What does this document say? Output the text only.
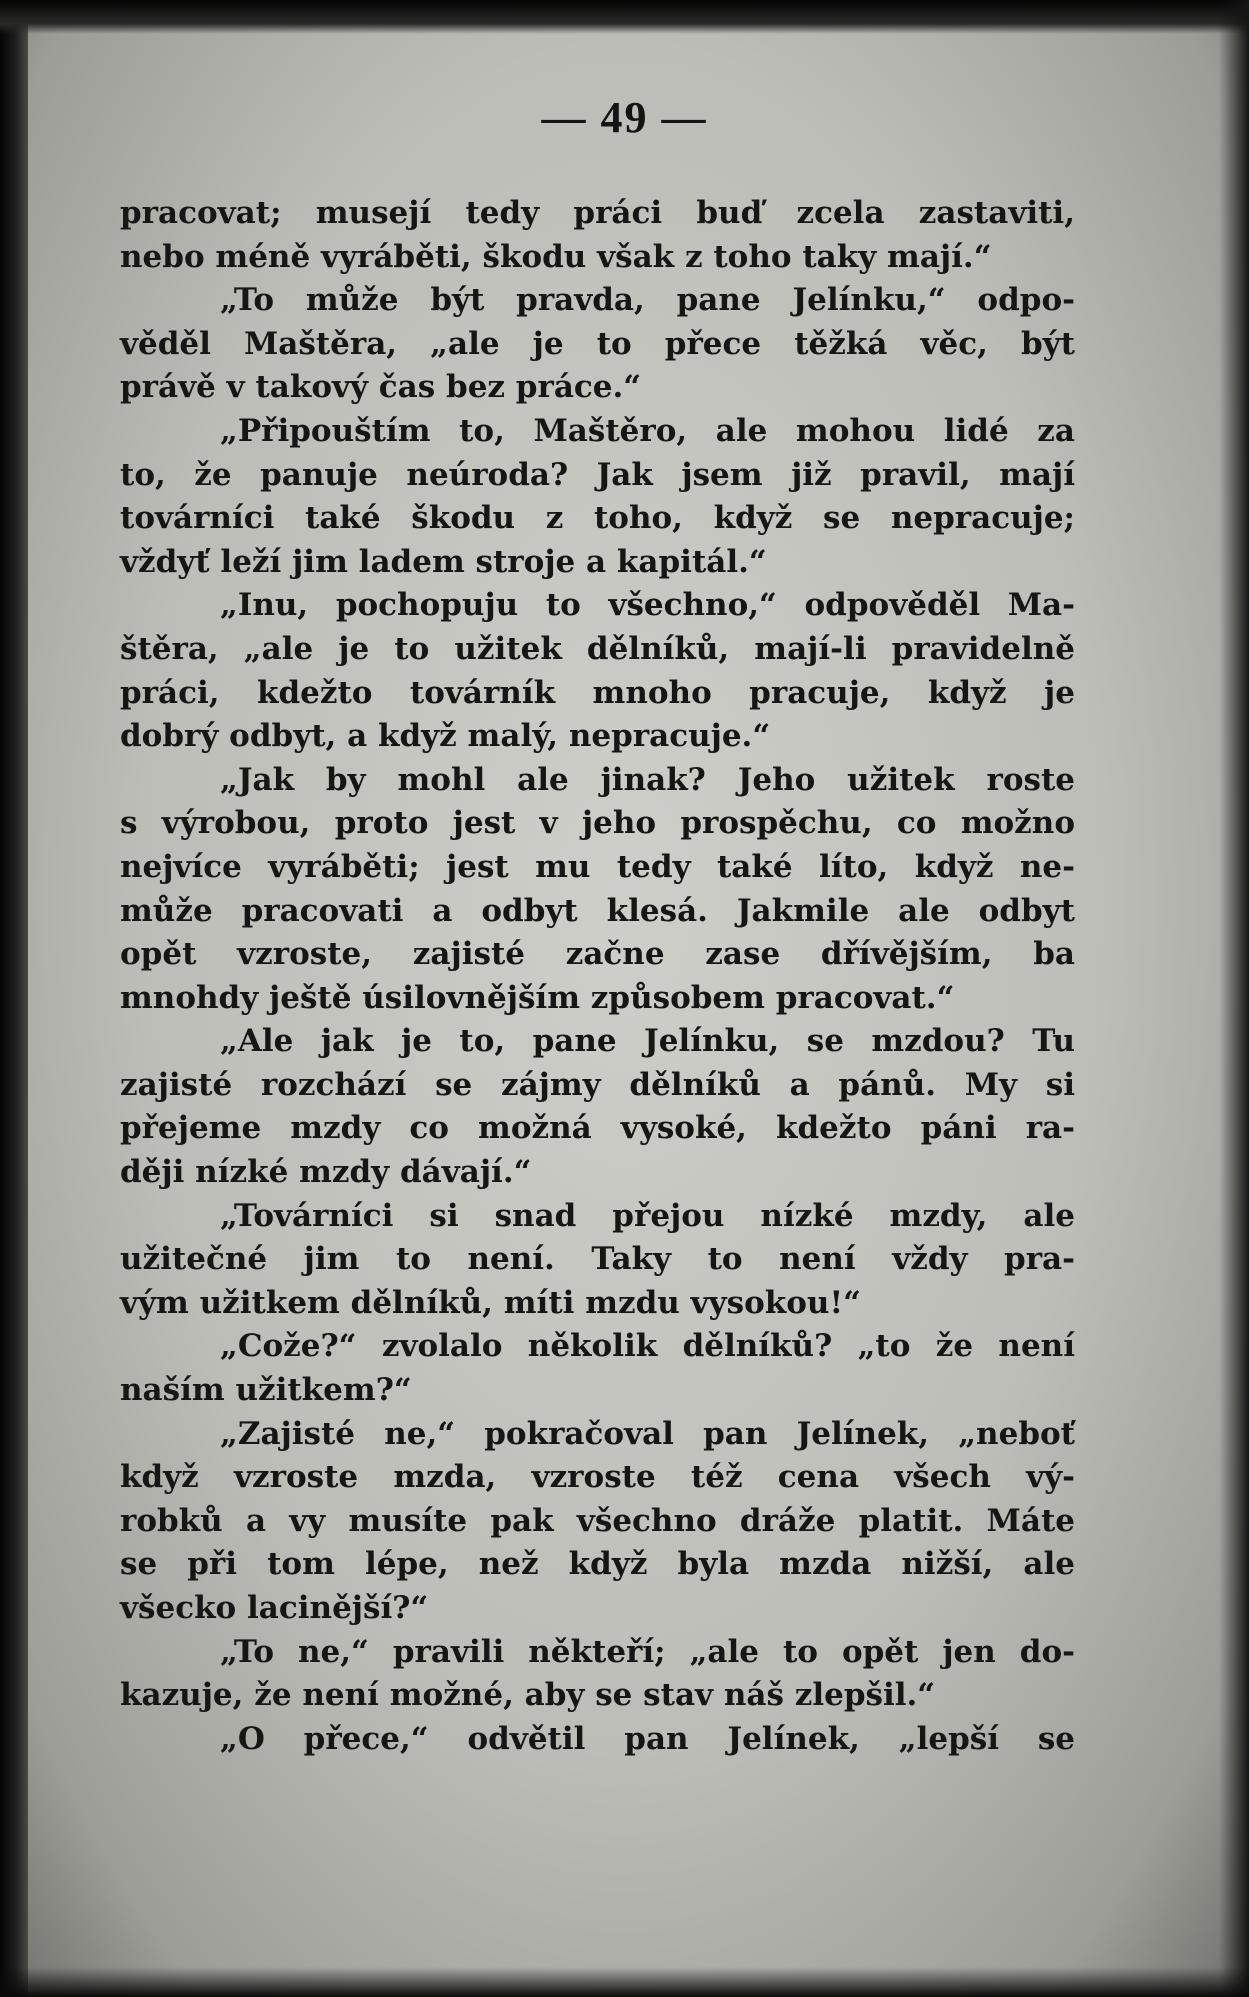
— 49 —
pracovat; musejí tedy práci buď zcela zastaviti,
nebo méně vyráběti, škodu však z toho taky mají.“
„To může být pravda, pane Jelínku,“ odpo-
věděl Maštěra, „ale je to přece těžká věc, být
právě v takový čas bez práce.“
„Připouštím to, Maštěro, ale mohou lidé za
to, že panuje neúroda? Jak jsem již pravil, mají
továrníci také škodu z toho, když se nepracuje;
vždyť leží jim ladem stroje a kapitál.“
„Inu, pochopuju to všechno,“ odpověděl Ma-
štěra, „ale je to užitek dělníků, mají-li pravidelně
práci, kdežto továrník mnoho pracuje, když je
dobrý odbyt, a když malý, nepracuje.“
„Jak by mohl ale jinak? Jeho užitek roste
s výrobou, proto jest v jeho prospěchu, co možno
nejvíce vyráběti; jest mu tedy také líto, když ne-
může pracovati a odbyt klesá. Jakmile ale odbyt
opět vzroste, zajisté začne zase dřívějším, ba
mnohdy ještě úsilovnějším způsobem pracovat.“
„Ale jak je to, pane Jelínku, se mzdou? Tu
zajisté rozchází se zájmy dělníků a pánů. My si
přejeme mzdy co možná vysoké, kdežto páni ra-
ději nízké mzdy dávají.“
„Továrníci si snad přejou nízké mzdy, ale
užitečné jim to není. Taky to není vždy pra-
vým užitkem dělníků, míti mzdu vysokou!“
„Cože?“ zvolalo několik dělníků? „to že není
naším užitkem?“
„Zajisté ne,“ pokračoval pan Jelínek, „neboť
když vzroste mzda, vzroste též cena všech vý-
robků a vy musíte pak všechno dráže platit. Máte
se při tom lépe, než když byla mzda nižší, ale
všecko lacinější?“
„To ne,“ pravili někteří; „ale to opět jen do-
kazuje, že není možné, aby se stav náš zlepšil.“
„O přece,“ odvětil pan Jelínek, „lepší se
